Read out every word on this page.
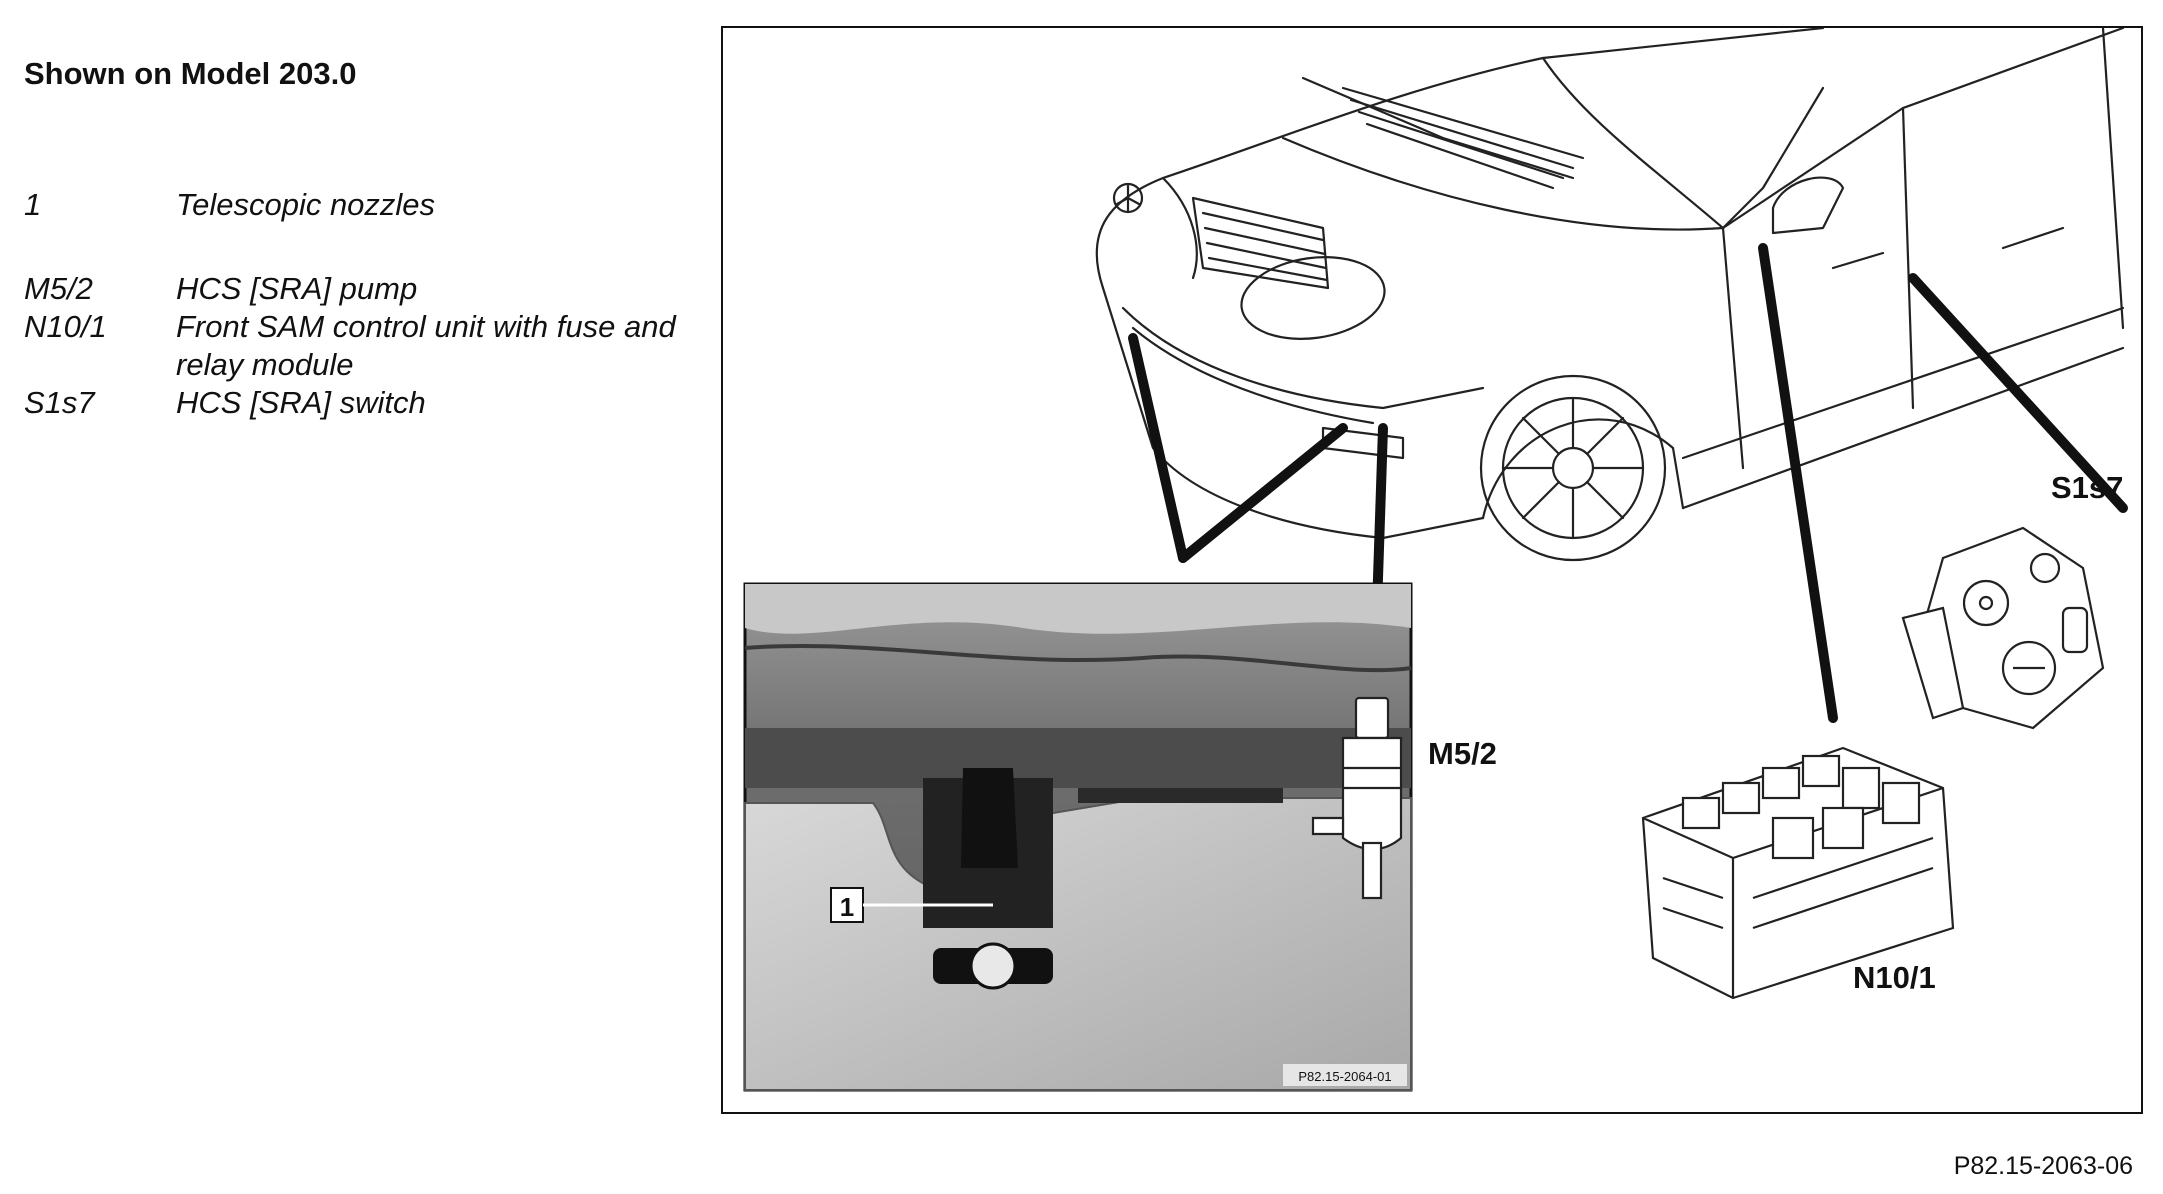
Shown on Model 203.0
1	Telescopic nozzles
M5/2	HCS [SRA] pump
N10/1	Front SAM control unit with fuse and relay module
S1s7	HCS [SRA] switch
1
P82.15-2064-01
M5/2
N10/1
S1s7
P82.15-2063-06
